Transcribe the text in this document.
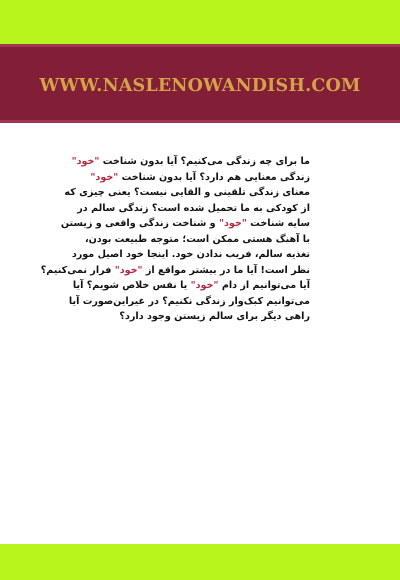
WWW.NASLENOWANDISH.COM
ما برای چه زندگی می‌کنیم؟ آیا بدون شناخت "خود"
زندگی معنایی هم دارد؟ آیا بدون شناخت "خود"
معنای زندگی تلقینی و القایی نیست؟ یعنی چیزی که
از کودکی به ما تحمیل شده است؟ زندگی سالم در
سایه شناخت "خود" و شناخت زندگی واقعی و زیستن
با آهنگ هستی ممکن است؛ متوجه طبیعت بودن،
تغذیه سالم، فریب ندادن خود. اینجا خود اصیل مورد
نظر است! آیا ما در بیشتر مواقع از "خود" فرار نمی‌کنیم؟
آیا می‌توانیم از دام "خود" یا نفس خلاص شویم؟ آیا
می‌توانیم کبک‌وار زندگی نکنیم؟ در غیراین‌صورت آیا
راهی دیگر برای سالم زیستن وجود دارد؟
